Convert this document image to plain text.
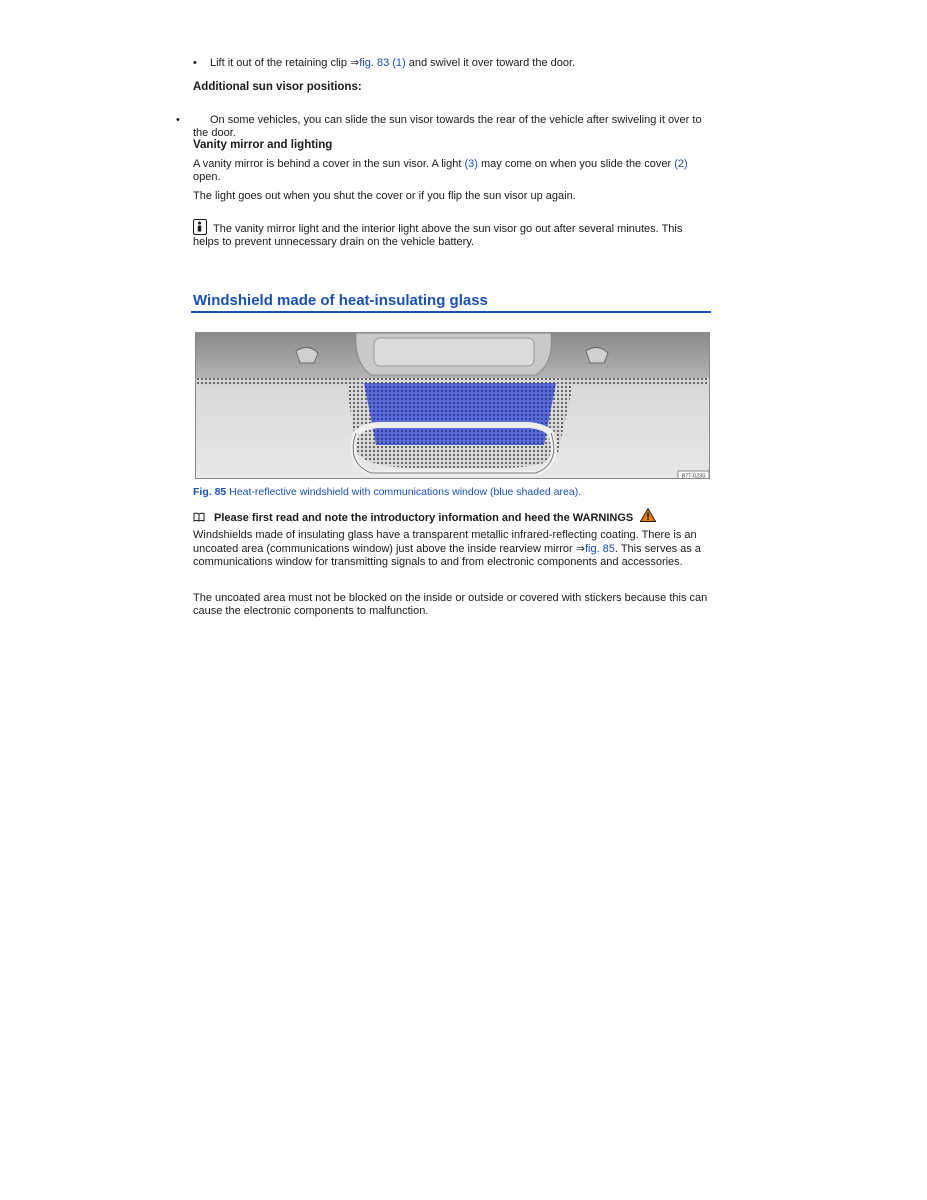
• Lift it out of the retaining clip ⇒fig. 83 (1) and swivel it over toward the door.

Additional sun visor positions:

•	On some vehicles, you can slide the sun visor towards the rear of the vehicle after swiveling it over to the door.

Vanity mirror and lighting

A vanity mirror is behind a cover in the sun visor. A light (3) may come on when you slide the cover (2) open.

The light goes out when you shut the cover or if you flip the sun visor up again.

The vanity mirror light and the interior light above the sun visor go out after several minutes. This helps to prevent unnecessary drain on the vehicle battery.

Windshield made of heat-insulating glass
B7T-0230

Fig. 85 Heat-reflective windshield with communications window (blue shaded area).

Please first read and note the introductory information and heed the WARNINGS

Windshields made of insulating glass have a transparent metallic infrared-reflecting coating. There is an uncoated area (communications window) just above the inside rearview mirror ⇒fig. 85. This serves as a communications window for transmitting signals to and from electronic components and accessories.

The uncoated area must not be blocked on the inside or outside or covered with stickers because this can cause the electronic components to malfunction.
